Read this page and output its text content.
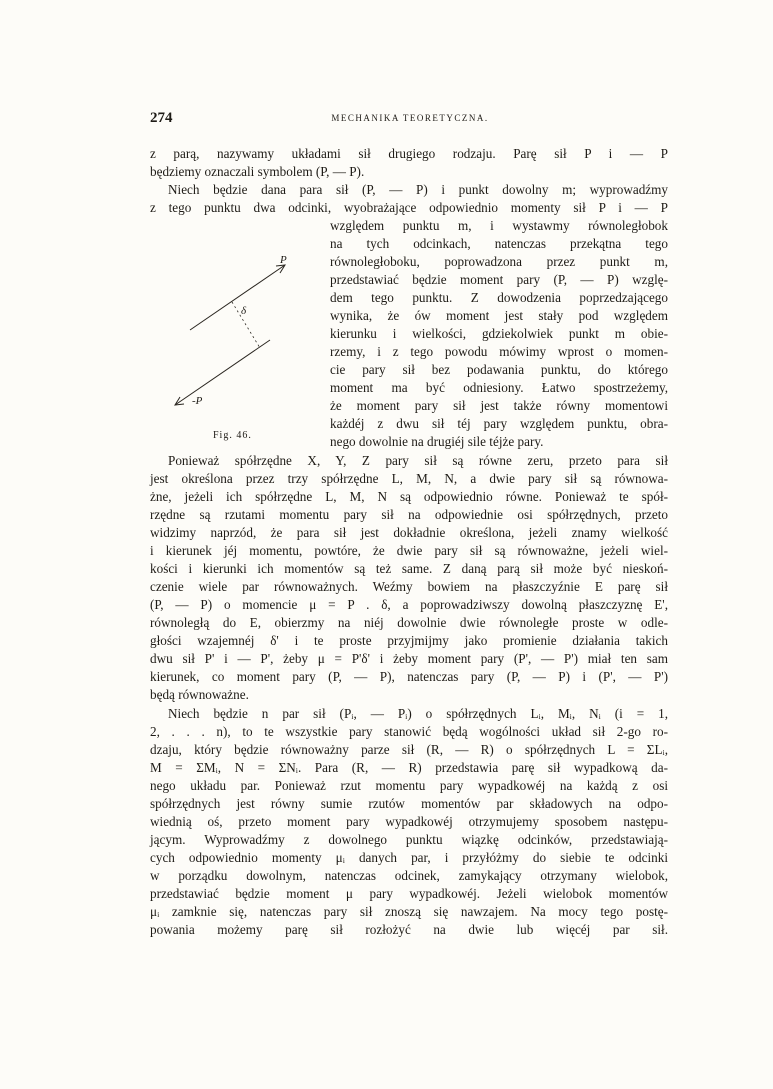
274	MECHANIKA TEORETYCZNA.
P
δ
-P
Fig. 46.
z parą, nazywamy układami sił drugiego rodzaju. Parę sił P i — P
będziemy oznaczali symbolem (P, — P).
Niech będzie dana para sił (P, — P) i punkt dowolny m; wyprowadźmy
z tego punktu dwa odcinki, wyobrażające odpowiednio momenty sił P i — P
względem punktu m, i wystawmy równoległobok
na tych odcinkach, natenczas przekątna tego
równoległoboku, poprowadzona przez punkt m,
przedstawiać będzie moment pary (P, — P) wzglę-
dem tego punktu. Z dowodzenia poprzedzającego
wynika, że ów moment jest stały pod względem
kierunku i wielkości, gdziekolwiek punkt m obie-
rzemy, i z tego powodu mówimy wprost o momen-
cie pary sił bez podawania punktu, do którego
moment ma być odniesiony. Łatwo spostrzeżemy,
że moment pary sił jest także równy momentowi
każdéj z dwu sił téj pary względem punktu, obra-
nego dowolnie na drugiéj sile téjże pary.
Ponieważ spółrzędne X, Y, Z pary sił są równe zeru, przeto para sił
jest określona przez trzy spółrzędne L, M, N, a dwie pary sił są równowa-
żne, jeżeli ich spółrzędne L, M, N są odpowiednio równe. Ponieważ te spół-
rzędne są rzutami momentu pary sił na odpowiednie osi spółrzędnych, przeto
widzimy naprzód, że para sił jest dokładnie określona, jeżeli znamy wielkość
i kierunek jéj momentu, powtóre, że dwie pary sił są równoważne, jeżeli wiel-
kości i kierunki ich momentów są też same. Z daną parą sił może być nieskoń-
czenie wiele par równoważnych. Weźmy bowiem na płaszczyźnie E parę sił
(P, — P) o momencie μ = P . δ, a poprowadziwszy dowolną płaszczyznę E',
równoległą do E, obierzmy na niéj dowolnie dwie równoległe proste w odle-
głości wzajemnéj δ' i te proste przyjmijmy jako promienie działania takich
dwu sił P' i — P', żeby μ = P'δ' i żeby moment pary (P', — P') miał ten sam
kierunek, co moment pary (P, — P), natenczas pary (P, — P) i (P', — P')
będą równoważne.
Niech będzie n par sił (Pᵢ, — Pᵢ) o spółrzędnych Lᵢ, Mᵢ, Nᵢ (i = 1,
2, . . . n), to te wszystkie pary stanowić będą wogólności układ sił 2-go ro-
dzaju, który będzie równoważny parze sił (R, — R) o spółrzędnych L = ΣLᵢ,
M = ΣMᵢ, N = ΣNᵢ. Para (R, — R) przedstawia parę sił wypadkową da-
nego układu par. Ponieważ rzut momentu pary wypadkowéj na każdą z osi
spółrzędnych jest równy sumie rzutów momentów par składowych na odpo-
wiednią oś, przeto moment pary wypadkowéj otrzymujemy sposobem następu-
jącym. Wyprowadźmy z dowolnego punktu wiązkę odcinków, przedstawiają-
cych odpowiednio momenty μᵢ danych par, i przyłóżmy do siebie te odcinki
w porządku dowolnym, natenczas odcinek, zamykający otrzymany wielobok,
przedstawiać będzie moment μ pary wypadkowéj. Jeżeli wielobok momentów
μᵢ zamknie się, natenczas pary sił znoszą się nawzajem. Na mocy tego postę-
powania możemy parę sił rozłożyć na dwie lub więcéj par sił.
